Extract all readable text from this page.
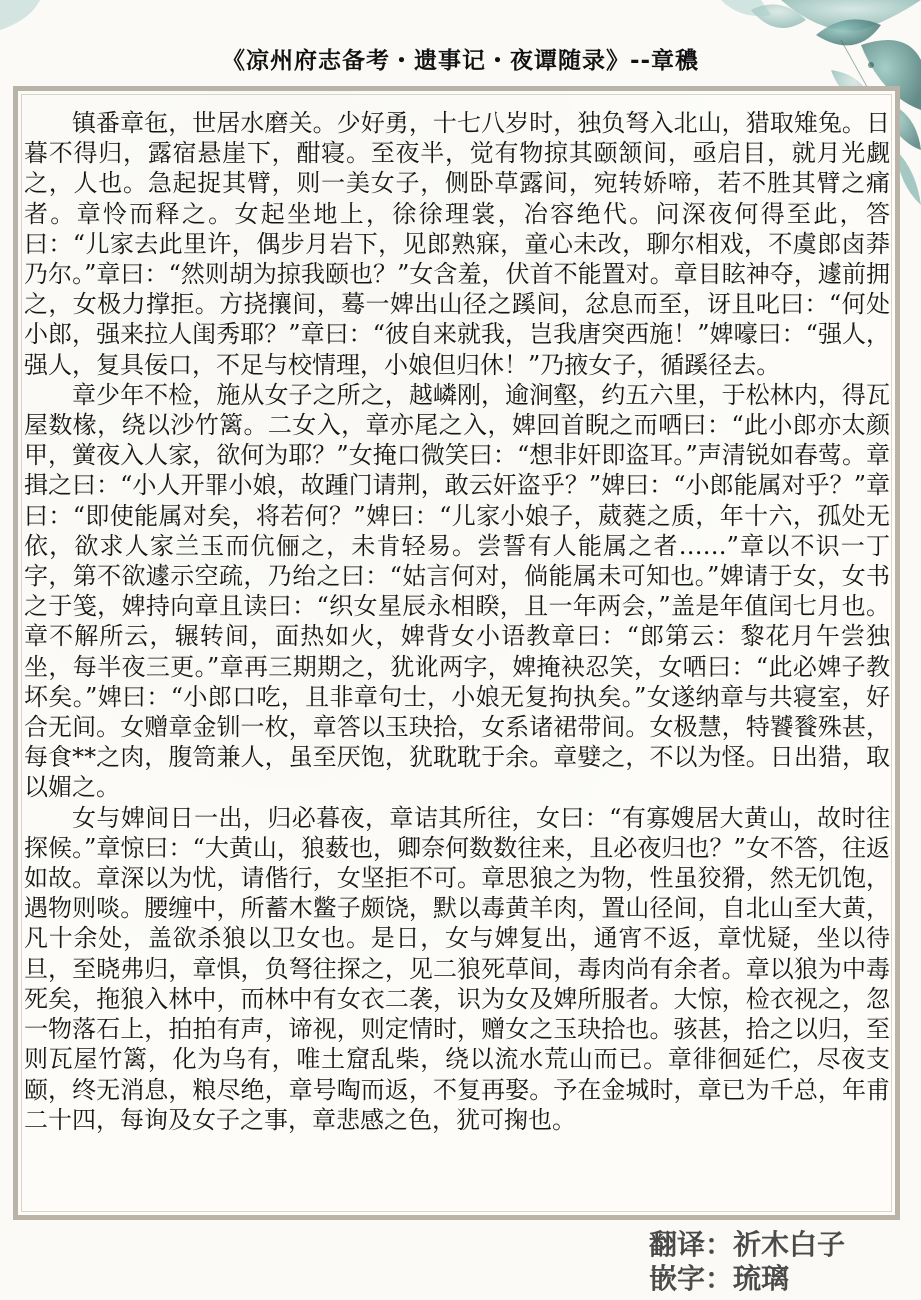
《凉州府志备考・遗事记・夜谭随录》--章穠

镇番章㐌，世居水磨关。少好勇，十七八岁时，独负弩入北山，猎取雉兔。日暮不得归，露宿悬崖下，酣寝。至夜半，觉有物掠其颐颔间，亟启目，就月光觑之，人也。急起捉其臂，则一美女子，侧卧草露间，宛转娇啼，若不胜其臂之痛者。章怜而释之。女起坐地上，徐徐理裳，冶容绝代。问深夜何得至此，答曰：“儿家去此里许，偶步月岩下，见郎熟寐，童心未改，聊尔相戏，不虞郎卤莽乃尔。”章曰：“然则胡为掠我颐也？”女含羞，伏首不能置对。章目眩神夺，遽前拥之，女极力撑拒。方挠攘间，蓦一婢出山径之蹊间，忿息而至，讶且叱曰：“何处小郎，强来拉人闺秀耶？”章曰：“彼自来就我，岂我唐突西施！”婢嚎曰：“强人，强人，复具佞口，不足与校情理，小娘但归休！”乃掖女子，循蹊径去。

章少年不检，施从女子之所之，越嶙刚，逾涧壑，约五六里，于松林内，得瓦屋数椽，绕以沙竹篱。二女入，章亦尾之入，婢回首睨之而哂曰：“此小郎亦太颜甲，黉夜入人家，欲何为耶？”女掩口微笑曰：“想非奸即盗耳。”声清锐如春莺。章揖之曰：“小人开罪小娘，故踵门请荆，敢云奸盗乎？”婢曰：“小郎能属对乎？”章曰：“即使能属对矣，将若何？”婢曰：“儿家小娘子，葳蕤之质，年十六，孤处无依，欲求人家兰玉而伉俪之，未肯轻易。尝誓有人能属之者……”章以不识一丁字，第不欲遽示空疏，乃绐之曰：“姑言何对，倘能属未可知也。”婢请于女，女书之于笺，婢持向章且读曰：“织女星辰永相睽，且一年两会，”盖是年值闰七月也。章不解所云，辗转间，面热如火，婢背女小语教章曰：“郎第云：黎花月午尝独坐，每半夜三更。”章再三期期之，犹讹两字，婢掩袂忍笑，女哂曰：“此必婢子教坏矣。”婢曰：“小郎口吃，且非章句士，小娘无复拘执矣。”女遂纳章与共寝室，好合无间。女赠章金钏一枚，章答以玉玦拾，女系诸裙带间。女极慧，特饕餮殊甚，每食**之肉，腹笥兼人，虽至厌饱，犹耽耽于余。章嬖之，不以为怪。日出猎，取以媚之。

女与婢间日一出，归必暮夜，章诘其所往，女曰：“有寡嫂居大黄山，故时往探候。”章惊曰：“大黄山，狼薮也，卿奈何数数往来，且必夜归也？”女不答，往返如故。章深以为忧，请偕行，女坚拒不可。章思狼之为物，性虽狡猾，然无饥饱，遇物则啖。腰缠中，所蓄木鳖子颇饶，默以毒黄羊肉，置山径间，自北山至大黄，凡十余处，盖欲杀狼以卫女也。是日，女与婢复出，通宵不返，章忧疑，坐以待旦，至晓弗归，章惧，负弩往探之，见二狼死草间，毒肉尚有余者。章以狼为中毒死矣，拖狼入林中，而林中有女衣二袭，识为女及婢所服者。大惊，检衣视之，忽一物落石上，拍拍有声，谛视，则定情时，赠女之玉玦拾也。骇甚，拾之以归，至则瓦屋竹篱，化为乌有，唯土窟乱柴，绕以流水荒山而已。章徘徊延伫，尽夜支颐，终无消息，粮尽绝，章号啕而返，不复再娶。予在金城时，章已为千总，年甫二十四，每询及女子之事，章悲感之色，犹可掬也。

翻译：祈木白子
嵌字：琉璃
